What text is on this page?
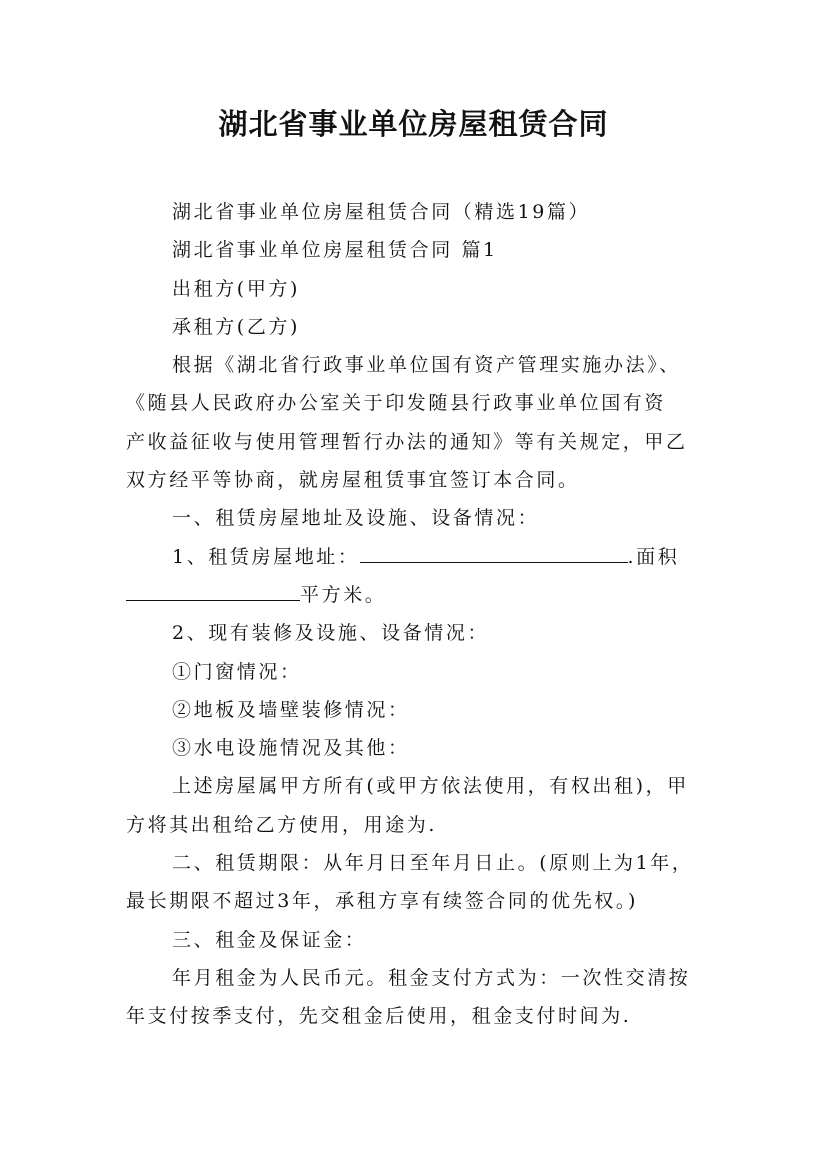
湖北省事业单位房屋租赁合同

湖北省事业单位房屋租赁合同（精选19篇）

湖北省事业单位房屋租赁合同 篇1

出租方(甲方)

承租方(乙方)

根据《湖北省行政事业单位国有资产管理实施办法》、

《随县人民政府办公室关于印发随县行政事业单位国有资

产收益征收与使用管理暂行办法的通知》等有关规定，甲乙

双方经平等协商，就房屋租赁事宜签订本合同。

一、租赁房屋地址及设施、设备情况：

1、租赁房屋地址：	.面积

平方米。

2、现有装修及设施、设备情况：

①门窗情况：

②地板及墙壁装修情况：

③水电设施情况及其他：

上述房屋属甲方所有(或甲方依法使用，有权出租)，甲

方将其出租给乙方使用，用途为.

二、租赁期限：从年月日至年月日止。(原则上为1年，

最长期限不超过3年，承租方享有续签合同的优先权。)

三、租金及保证金：

年月租金为人民币元。租金支付方式为：一次性交清按

年支付按季支付，先交租金后使用，租金支付时间为.
